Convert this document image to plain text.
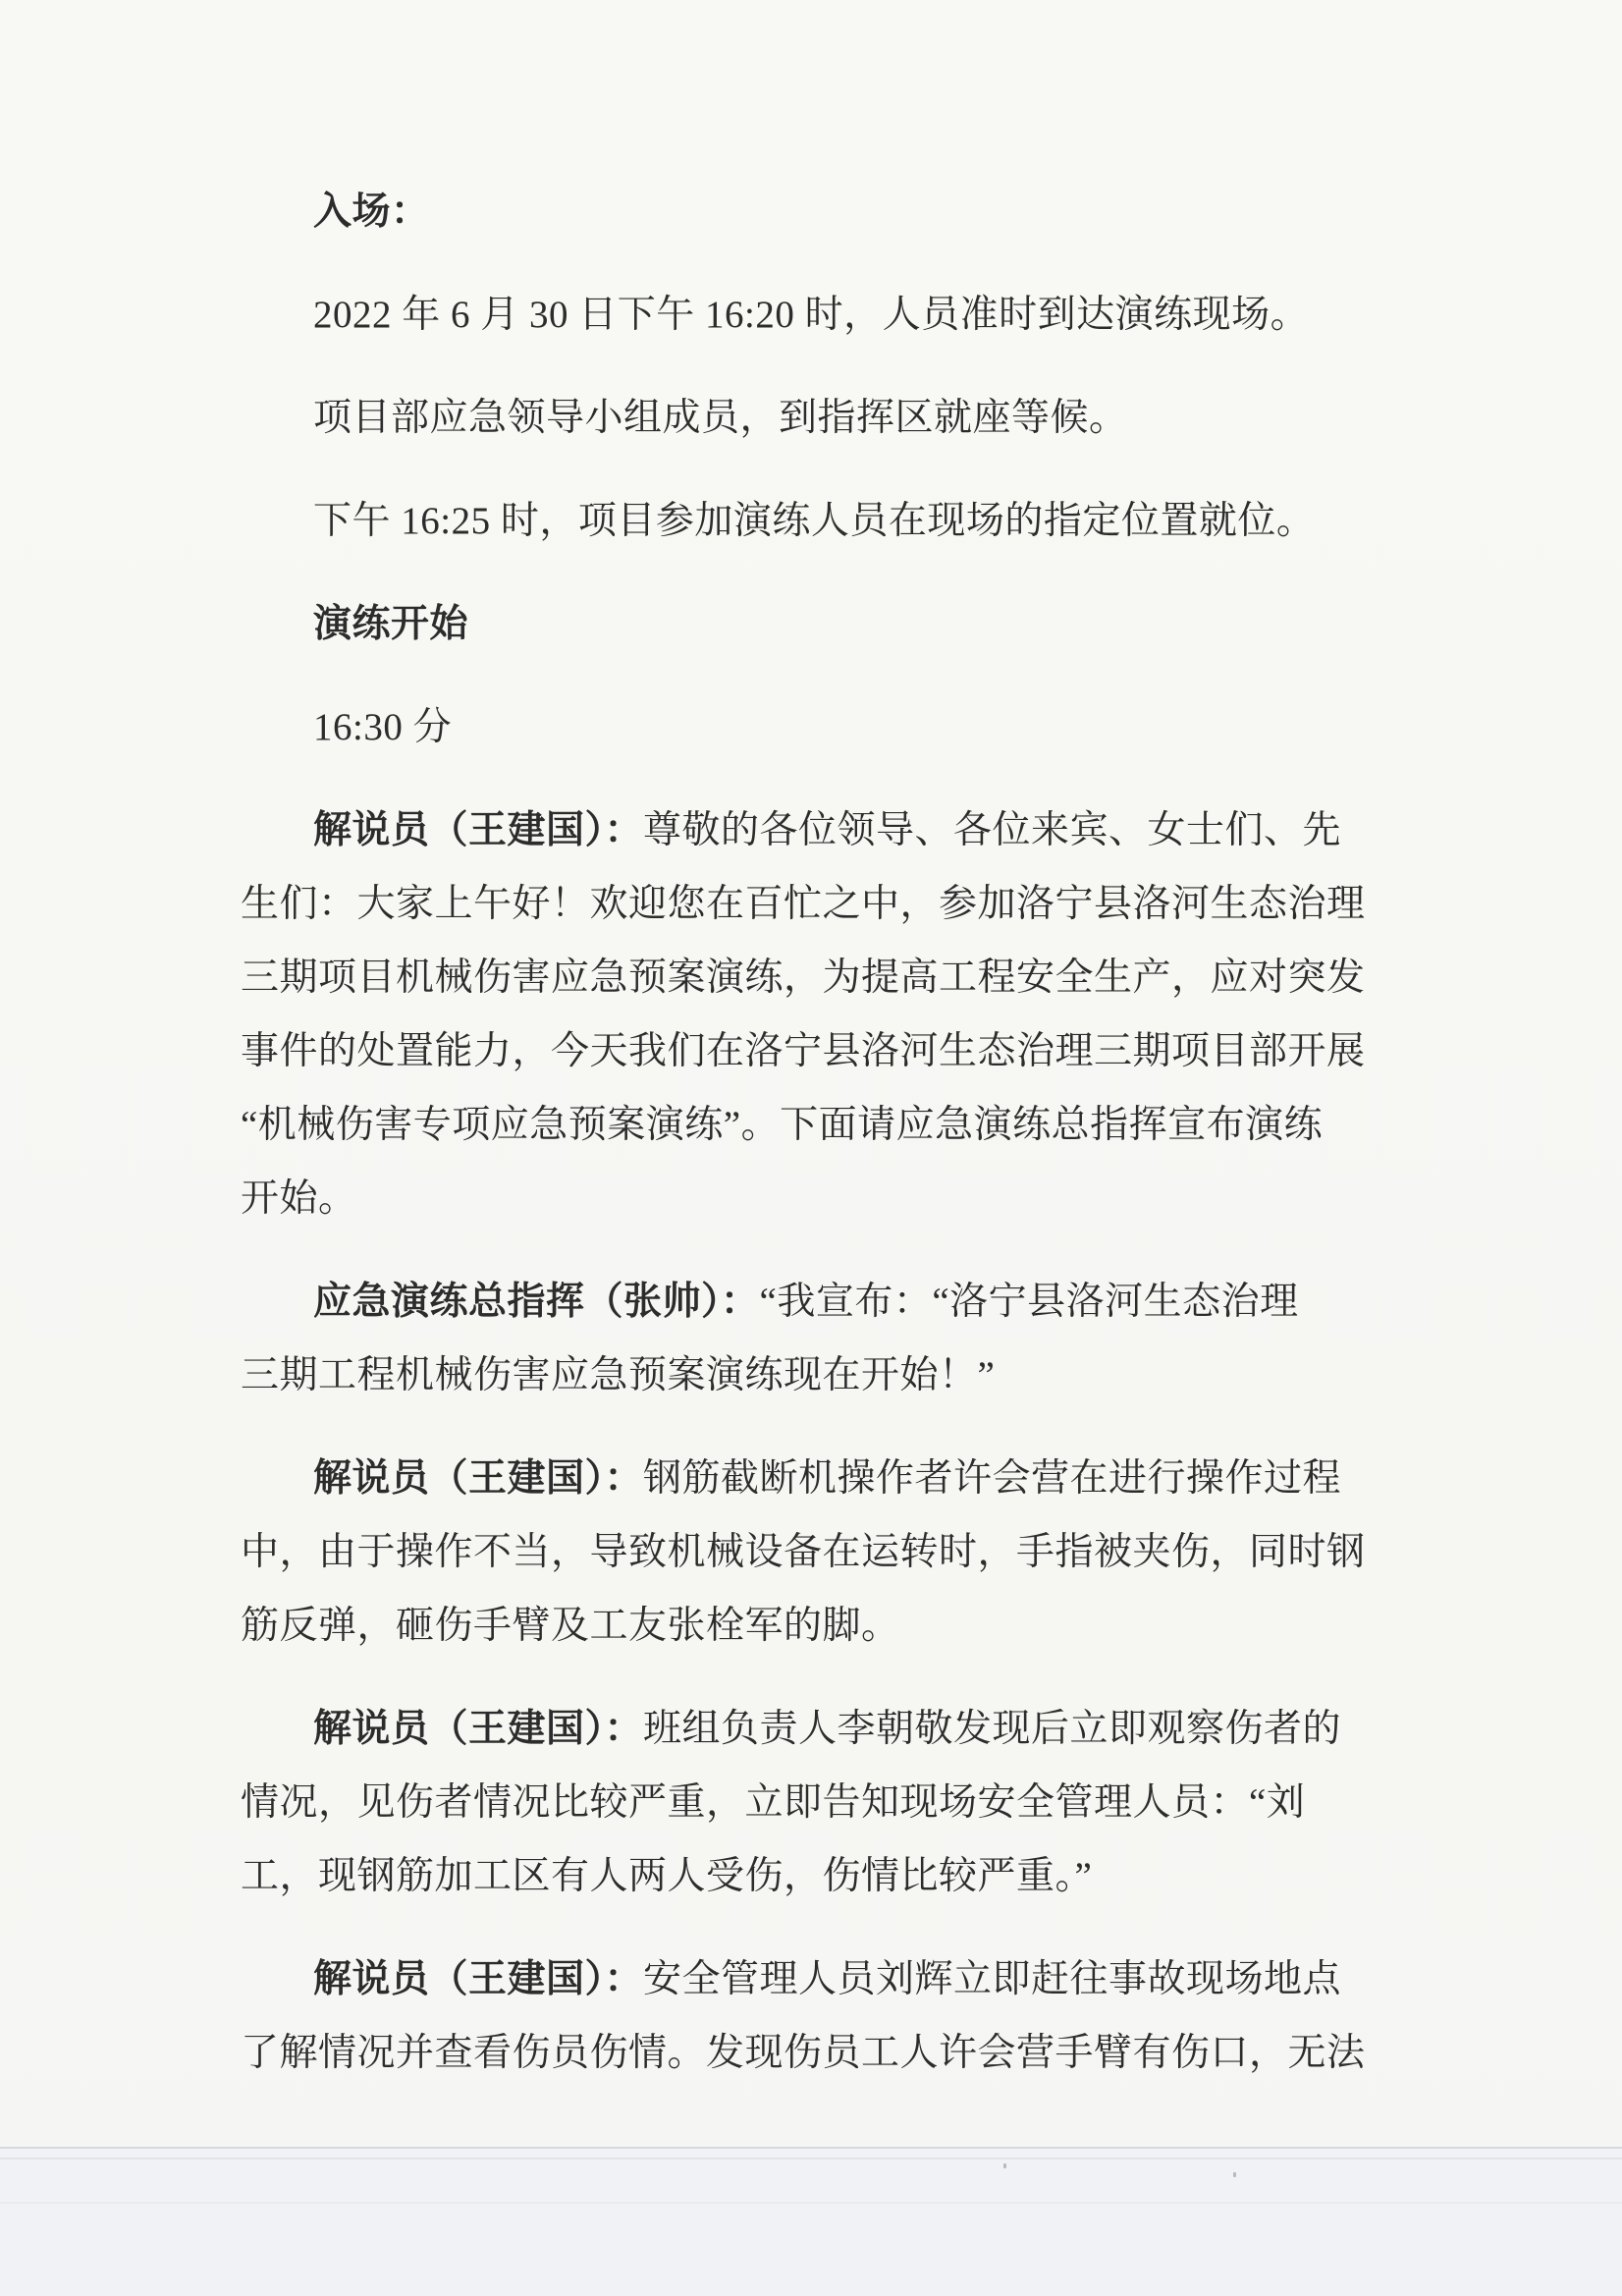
入场：
2022 年 6 月 30 日下午 16:20 时，人员准时到达演练现场。
项目部应急领导小组成员，到指挥区就座等候。
下午 16:25 时，项目参加演练人员在现场的指定位置就位。
演练开始
16:30 分
解说员（王建国）：尊敬的各位领导、各位来宾、女士们、先
生们：大家上午好！欢迎您在百忙之中，参加洛宁县洛河生态治理
三期项目机械伤害应急预案演练，为提高工程安全生产，应对突发
事件的处置能力，今天我们在洛宁县洛河生态治理三期项目部开展
“机械伤害专项应急预案演练”。下面请应急演练总指挥宣布演练
开始。
应急演练总指挥（张帅）：“我宣布：“洛宁县洛河生态治理
三期工程机械伤害应急预案演练现在开始！”
解说员（王建国）：钢筋截断机操作者许会营在进行操作过程
中，由于操作不当，导致机械设备在运转时，手指被夹伤，同时钢
筋反弹，砸伤手臂及工友张栓军的脚。
解说员（王建国）：班组负责人李朝敬发现后立即观察伤者的
情况，见伤者情况比较严重，立即告知现场安全管理人员：“刘
工，现钢筋加工区有人两人受伤，伤情比较严重。”
解说员（王建国）：安全管理人员刘辉立即赶往事故现场地点
了解情况并查看伤员伤情。发现伤员工人许会营手臂有伤口，无法
